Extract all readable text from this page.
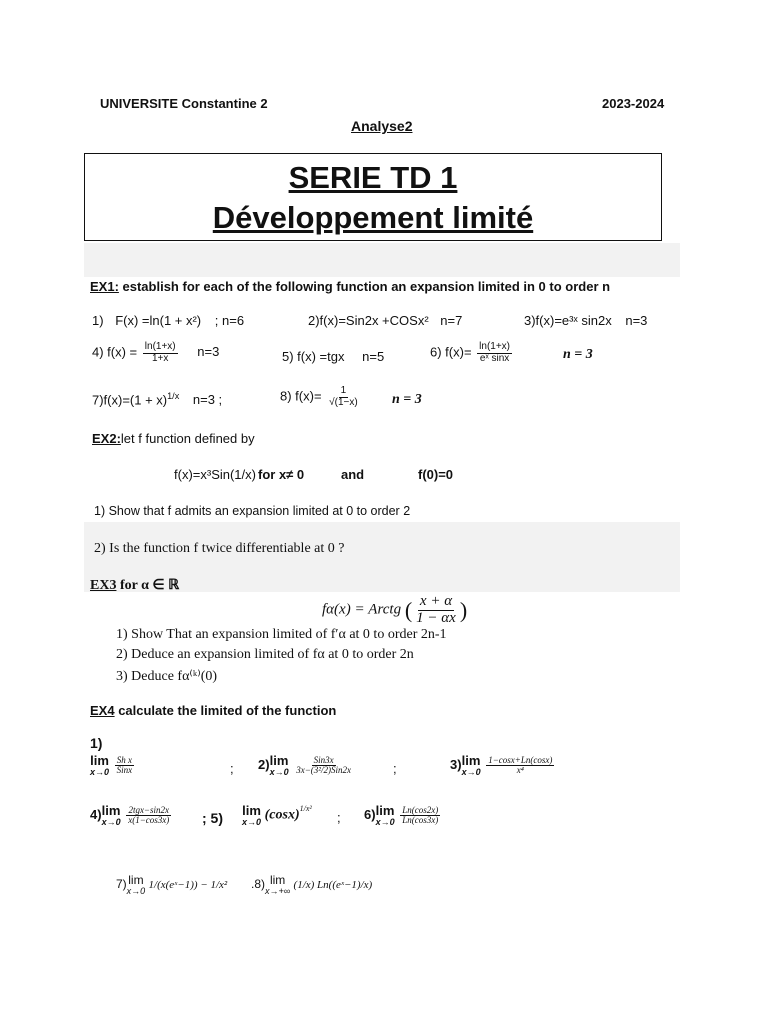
UNIVERSITE Constantine 2	2023-2024
Analyse2
SERIE TD 1
Développement limité
EX1: establish for each of the following function an expansion limited in 0 to order n
1) F(x) =ln(1 + x²) ; n=6	2)f(x)=Sin2x +COSx² n=7	3)f(x)=e³ˣ sin2x n=3
4) $f(x) = \frac{\ln(1+x)}{1+x} n=3$	5) f(x) =tgx n=5	6) $f(x)= \frac{\ln(1+x)}{\text{eˣ sinx}}$	n = 3
$7)f(x)=(1 + x)^{1/x}$ n=3 ;	8) $f(x)= \frac{1}{√(1-x)}$ n = 3
EX2:let f function defined by
f(x)=x³Sin(1/x) for x≠ 0	and	f(0)=0
1) Show that f admits an expansion limited at 0 to order 2
2) Is the function f twice differentiable at 0 ?
EX3 for α ∈ ℝ
fα(x) = Arctg ( $\frac{x + \alpha}{1 - \alpha x}$ )
1) Show That an expansion limited of f′α at 0 to order 2n-1
2) Deduce an expansion limited of fα at 0 to order 2n
3) Deduce fα⁽ᵏ⁾(0)
EX4 calculate the limited of the function
1)
lim
x→0
$\frac{\text{Sh x}}{\text{Sinx}}$	; 2) lim
x→0
$\frac{\text{Sin3x}}{\text{3x−(3²/2)Sin2x}}$	;	3) lim
x→0
$\frac{1-\cos x+Ln(\cos x)}{\text{x⁴}}$
4) lim
x→0
$\frac{\text{2tgx−sin2x}}{x(1-\cos 3x)}$ ; 5) lim
x→0 $(\cos x)^{1/x^2}$
; 6) lim
x→0
$\frac{Ln(\cos 2x)}{Ln(\cos 3x)}$
7) lim
x→0 1/(x(eˣ−1)) − 1/x² .8) lim
x→+∞ (1/x) Ln((eˣ−1)/x)
